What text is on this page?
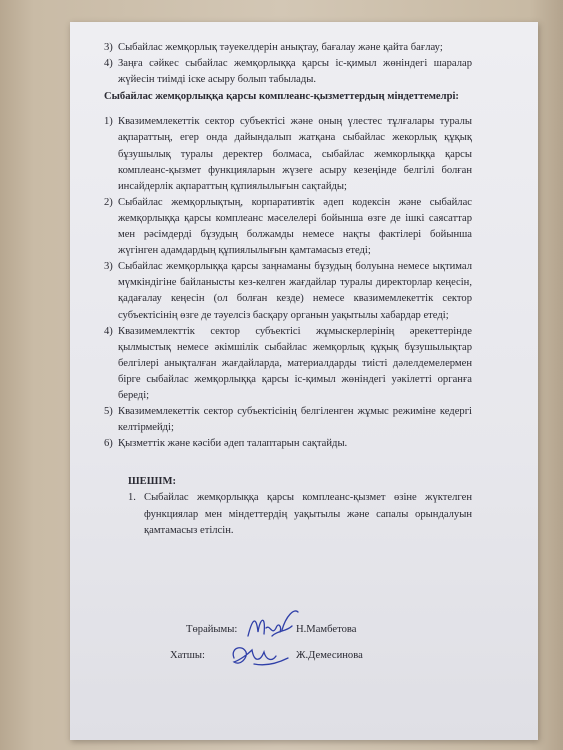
3) Сыбайлас жемқорлық тәуекелдерін анықтау, бағалау және қайта бағлау;
4) Заңға сәйкес сыбайлас жемқорлыққа қарсы іс-қимыл жөніндегі шаралар жүйесін тиімді іске асыру болып табылады.
Сыбайлас жемқорлыққа қарсы комплеанс-қызметтердың міндеттемелрі:
1) Квазимемлекеттік сектор субъектісі және оның үлестес тұлғалары туралы ақпараттың, егер онда дайындалып жатқана сыбайлас жекорлық құқық бұзушылық туралы деректер болмаса, сыбайлас жемкорлыққа қарсы комплеанс-қызмет функцияларын жүзеге асыру кезеңінде белгілі болған инсайдерлік ақпараттың құпиялылығын сақтайды;
2) Сыбайлас жемқорлықтың, корпаративтік әдеп кодексін және сыбайлас жемқорлыққа қарсы комплеанс мәселелері бойынша өзге де ішкі саясаттар мен рәсімдерді бұзудың болжамды немесе нақты фактілері бойынша жүгінген адамдардың құпиялылығын қамтамасыз етеді;
3) Сыбайлас жемқорлыққа қарсы заңнаманы бұзудың болуына немесе ықтимал мүмкіндігіне байланысты кез-келген жағдайлар туралы директорлар кеңесін, қадағалау кеңесін (ол болған кезде) немесе квазимемлекеттік сектор субъектісінің өзге де тәуелсіз басқару органын уақытылы хабардар етеді;
4) Квазимемлекттік сектор субъектісі жұмыскерлерінің әрекеттерінде қылмыстық немесе әкімшілік сыбайлас жемқорлық құқық бұзушылықтар белгілері анықталған жағдайларда, материалдарды тиісті дәлелдемелермен бірге сыбайлас жемқорлыққа қарсы іс-қимыл жөніндегі уәкілетті органға береді;
5) Квазимемлекеттік сектор субъектісінің белгіленген жұмыс режиміне кедергі келтірмейді;
6) Қызметтік және кәсіби әдеп талаптарын сақтайды.
ШЕШІМ:
1. Сыбайлас жемқорлыққа қарсы комплеанс-қызмет өзіне жүктелген функциялар мен міндеттердің уақытылы және сапалы орындалуын қамтамасыз етілсін.
Төрайымы:	Н.Мамбетова
Хатшы:	Ж.Демесинова
